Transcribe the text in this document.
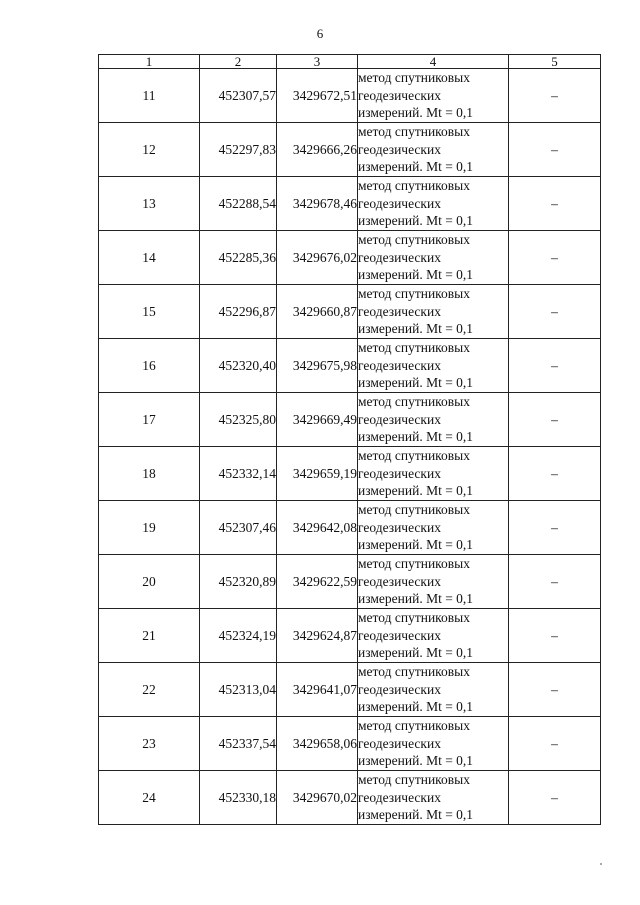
6
1	2	3	4	5
11	452307,57	3429672,51	метод спутниковых
геодезических
измерений. Mt = 0,1	–
12	452297,83	3429666,26	метод спутниковых
геодезических
измерений. Mt = 0,1	–
13	452288,54	3429678,46	метод спутниковых
геодезических
измерений. Mt = 0,1	–
14	452285,36	3429676,02	метод спутниковых
геодезических
измерений. Mt = 0,1	–
15	452296,87	3429660,87	метод спутниковых
геодезических
измерений. Mt = 0,1	–
16	452320,40	3429675,98	метод спутниковых
геодезических
измерений. Mt = 0,1	–
17	452325,80	3429669,49	метод спутниковых
геодезических
измерений. Mt = 0,1	–
18	452332,14	3429659,19	метод спутниковых
геодезических
измерений. Mt = 0,1	–
19	452307,46	3429642,08	метод спутниковых
геодезических
измерений. Mt = 0,1	–
20	452320,89	3429622,59	метод спутниковых
геодезических
измерений. Mt = 0,1	–
21	452324,19	3429624,87	метод спутниковых
геодезических
измерений. Mt = 0,1	–
22	452313,04	3429641,07	метод спутниковых
геодезических
измерений. Mt = 0,1	–
23	452337,54	3429658,06	метод спутниковых
геодезических
измерений. Mt = 0,1	–
24	452330,18	3429670,02	метод спутниковых
геодезических
измерений. Mt = 0,1	–
